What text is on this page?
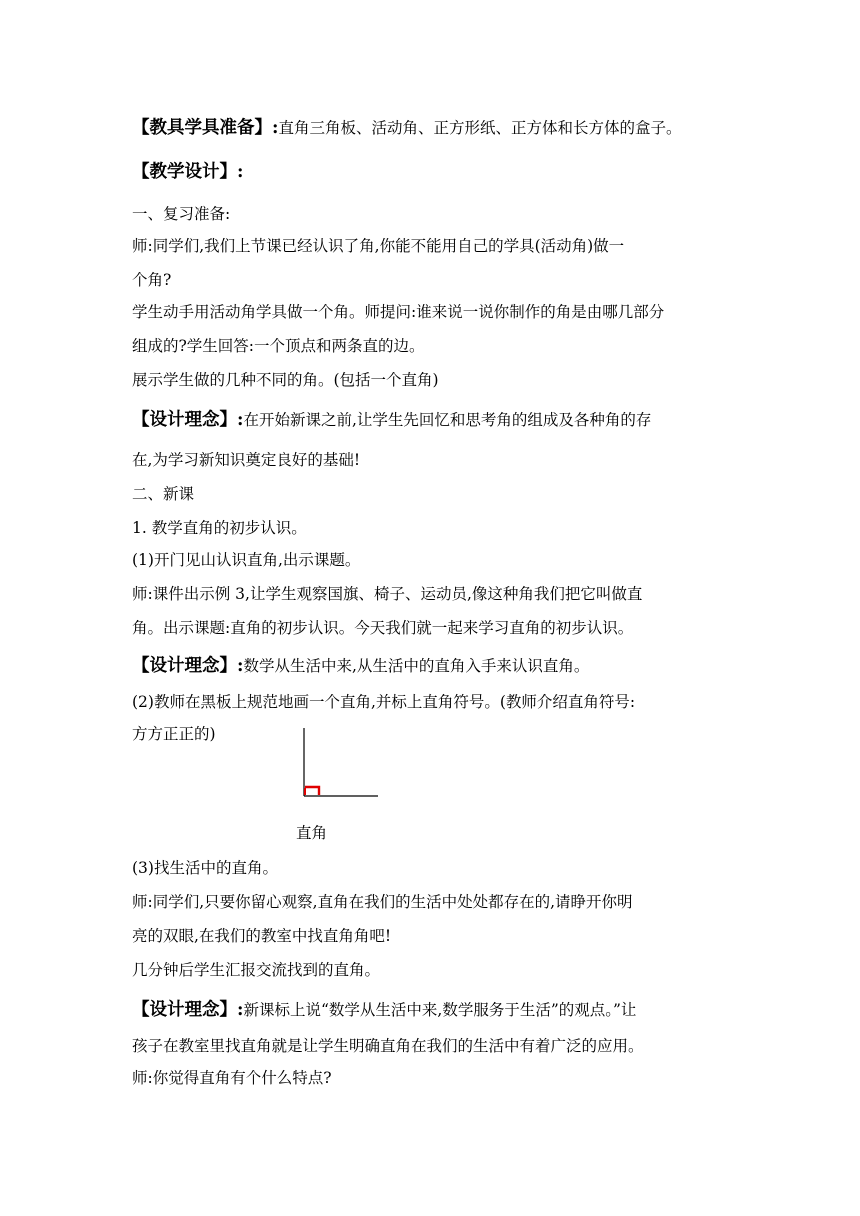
【教具学具准备】:直角三角板、活动角、正方形纸、正方体和长方体的盒子。
【教学设计】:
一、复习准备:
师:同学们,我们上节课已经认识了角,你能不能用自己的学具(活动角)做一
个角?
学生动手用活动角学具做一个角。师提问:谁来说一说你制作的角是由哪几部分
组成的?学生回答:一个顶点和两条直的边。
展示学生做的几种不同的角。(包括一个直角)
【设计理念】:在开始新课之前,让学生先回忆和思考角的组成及各种角的存
在,为学习新知识奠定良好的基础!
二、新课
1. 教学直角的初步认识。
(1)开门见山认识直角,出示课题。
师:课件出示例 3,让学生观察国旗、椅子、运动员,像这种角我们把它叫做直
角。出示课题:直角的初步认识。今天我们就一起来学习直角的初步认识。
【设计理念】:数学从生活中来,从生活中的直角入手来认识直角。
(2)教师在黑板上规范地画一个直角,并标上直角符号。(教师介绍直角符号:
方方正正的)
直角
(3)找生活中的直角。
师:同学们,只要你留心观察,直角在我们的生活中处处都存在的,请睁开你明
亮的双眼,在我们的教室中找直角角吧!
几分钟后学生汇报交流找到的直角。
【设计理念】:新课标上说“数学从生活中来,数学服务于生活”的观点。”让
孩子在教室里找直角就是让学生明确直角在我们的生活中有着广泛的应用。
师:你觉得直角有个什么特点?
